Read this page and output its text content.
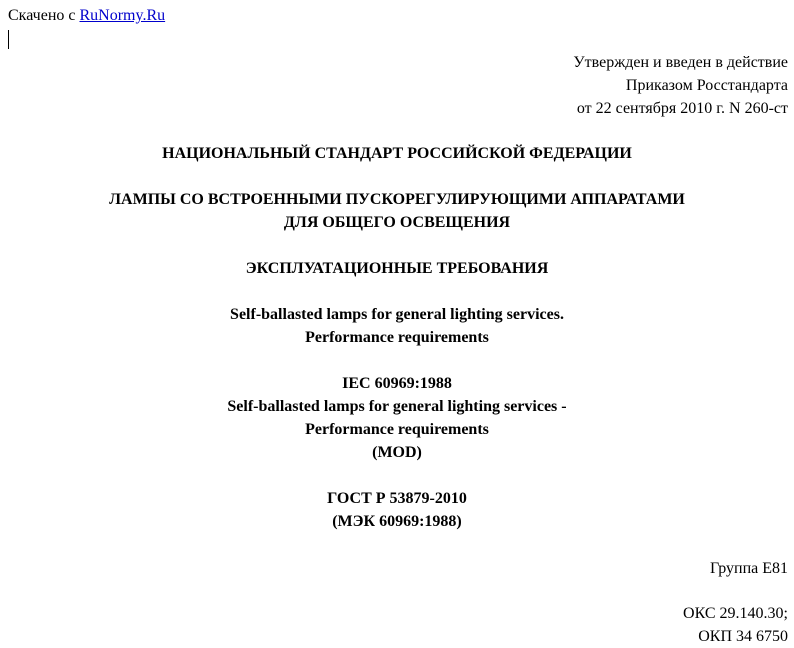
Скачено с RuNormy.Ru
Утвержден и введен в действие
Приказом Росстандарта
от 22 сентября 2010 г. N 260-ст
НАЦИОНАЛЬНЫЙ СТАНДАРТ РОССИЙСКОЙ ФЕДЕРАЦИИ
ЛАМПЫ СО ВСТРОЕННЫМИ ПУСКОРЕГУЛИРУЮЩИМИ АППАРАТАМИ
ДЛЯ ОБЩЕГО ОСВЕЩЕНИЯ
ЭКСПЛУАТАЦИОННЫЕ ТРЕБОВАНИЯ
Self-ballasted lamps for general lighting services.
Performance requirements
IEC 60969:1988
Self-ballasted lamps for general lighting services -
Performance requirements
(MOD)
ГОСТ Р 53879-2010
(МЭК 60969:1988)
Группа Е81
ОКС 29.140.30;
ОКП 34 6750
